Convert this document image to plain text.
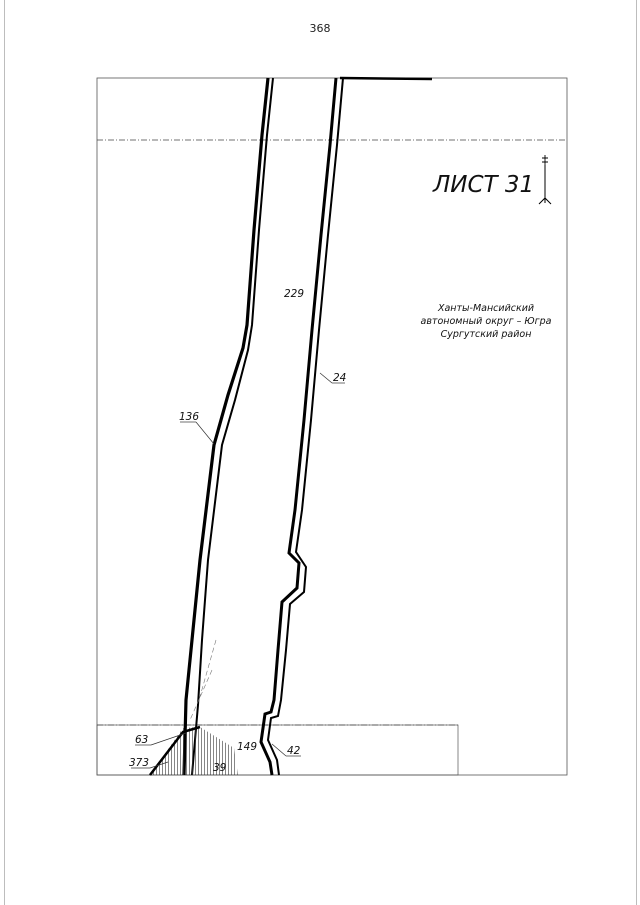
368
ЛИСТ 31
Ханты-Мансийский
автономный округ – Югра
Сургутский район
229
24
136
63
373
149	42
39
